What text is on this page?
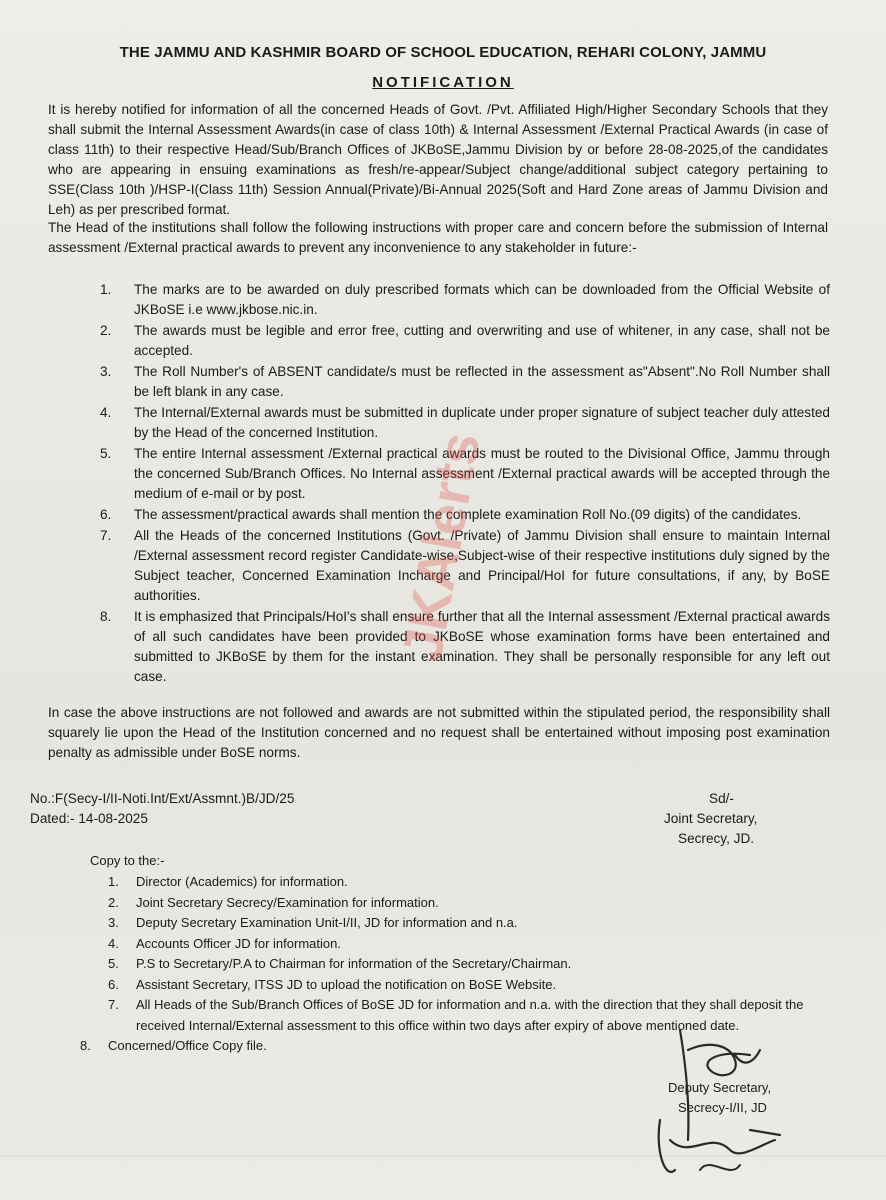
THE JAMMU AND KASHMIR BOARD OF SCHOOL EDUCATION, REHARI COLONY, JAMMU
NOTIFICATION
It is hereby notified for information of all the concerned Heads of Govt. /Pvt. Affiliated High/Higher Secondary Schools that they shall submit the Internal Assessment Awards(in case of class 10th) & Internal Assessment /External Practical Awards (in case of class 11th) to their respective Head/Sub/Branch Offices of JKBoSE,Jammu Division by or before 28-08-2025,of the candidates who are appearing in ensuing examinations as fresh/re-appear/Subject change/additional subject category pertaining to SSE(Class 10th )/HSP-I(Class 11th) Session Annual(Private)/Bi-Annual 2025(Soft and Hard Zone areas of Jammu Division and Leh) as per prescribed format.
The Head of the institutions shall follow the following instructions with proper care and concern before the submission of Internal assessment /External practical awards to prevent any inconvenience to any stakeholder in future:-
1. The marks are to be awarded on duly prescribed formats which can be downloaded from the Official Website of JKBoSE i.e www.jkbose.nic.in.
2. The awards must be legible and error free, cutting and overwriting and use of whitener, in any case, shall not be accepted.
3. The Roll Number's of ABSENT candidate/s must be reflected in the assessment as"Absent".No Roll Number shall be left blank in any case.
4. The Internal/External awards must be submitted in duplicate under proper signature of subject teacher duly attested by the Head of the concerned Institution.
5. The entire Internal assessment /External practical awards must be routed to the Divisional Office, Jammu through the concerned Sub/Branch Offices. No Internal assessment /External practical awards will be accepted through the medium of e-mail or by post.
6. The assessment/practical awards shall mention the complete examination Roll No.(09 digits) of the candidates.
7. All the Heads of the concerned Institutions (Govt. /Private) of Jammu Division shall ensure to maintain Internal /External assessment record register Candidate-wise,Subject-wise of their respective institutions duly signed by the Subject teacher, Concerned Examination Incharge and Principal/HoI for future consultations, if any, by BoSE authorities.
8. It is emphasized that Principals/HoI's shall ensure further that all the Internal assessment /External practical awards of all such candidates have been provided to JKBoSE whose examination forms have been entertained and submitted to JKBoSE by them for the instant examination. They shall be personally responsible for any left out case.
In case the above instructions are not followed and awards are not submitted within the stipulated period, the responsibility shall squarely lie upon the Head of the Institution concerned and no request shall be entertained without imposing post examination penalty as admissible under BoSE norms.
No.:F(Secy-I/II-Noti.Int/Ext/Assmnt.)B/JD/25
Dated:- 14-08-2025
Sd/-
Joint Secretary,
Secrecy, JD.
Copy to the:-
1. Director (Academics) for information.
2. Joint Secretary Secrecy/Examination for information.
3. Deputy Secretary Examination Unit-I/II, JD for information and n.a.
4. Accounts Officer JD for information.
5. P.S to Secretary/P.A to Chairman for information of the Secretary/Chairman.
6. Assistant Secretary, ITSS JD to upload the notification on BoSE Website.
7. All Heads of the Sub/Branch Offices of BoSE JD for information and n.a. with the direction that they shall deposit the received Internal/External assessment to this office within two days after expiry of above mentioned date.
8. Concerned/Office Copy file.
Deputy Secretary,
Secrecy-I/II, JD
JKAlerts
